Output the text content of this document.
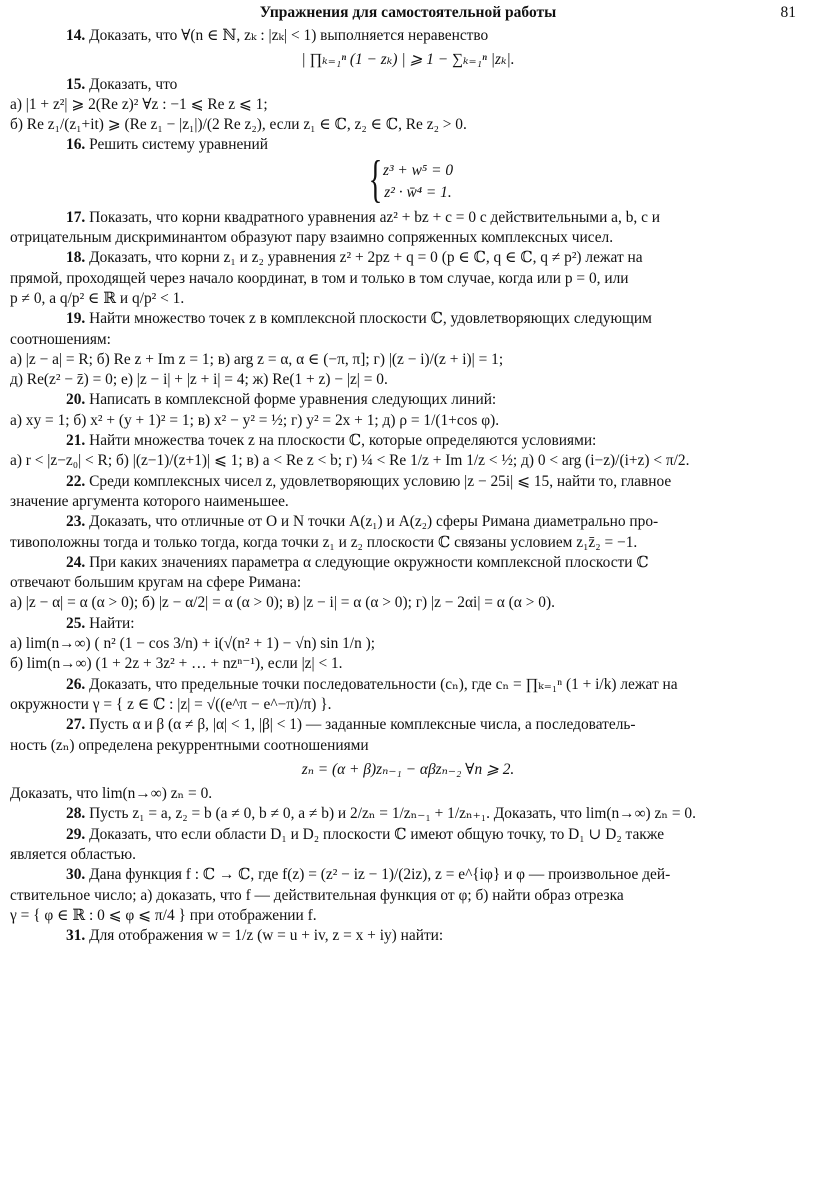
Упражнения для самостоятельной работы	81

14. Доказать, что ∀(n ∈ ℕ, zₖ : |zₖ| < 1) выполняется неравенство

| ∏ₖ₌₁ⁿ (1 − zₖ) | ⩾ 1 − ∑ₖ₌₁ⁿ |zₖ|.

15. Доказать, что

а) |1 + z²| ⩾ 2(Re z)² ∀z : −1 ⩽ Re z ⩽ 1;

б) Re z₁/(z₁+it) ⩾ (Re z₁ − |z₁|)/(2 Re z₂), если z₁ ∈ ℂ, z₂ ∈ ℂ, Re z₂ > 0.

16. Решить систему уравнений

{ z³ + w⁵ = 0
z² · w̄⁴ = 1.

17. Показать, что корни квадратного уравнения az² + bz + c = 0 с действительными a, b, c и

отрицательным дискриминантом образуют пару взаимно сопряженных комплексных чисел.

18. Доказать, что корни z₁ и z₂ уравнения z² + 2pz + q = 0 (p ∈ ℂ, q ∈ ℂ, q ≠ p²) лежат на

прямой, проходящей через начало координат, в том и только в том случае, когда или p = 0, или

p ≠ 0, а q/p² ∈ ℝ и q/p² < 1.

19. Найти множество точек z в комплексной плоскости ℂ, удовлетворяющих следующим

соотношениям:

а) |z − a| = R; б) Re z + Im z = 1; в) arg z = α, α ∈ (−π, π]; г) |(z − i)/(z + i)| = 1;

д) Re(z² − z̄) = 0; е) |z − i| + |z + i| = 4; ж) Re(1 + z) − |z| = 0.

20. Написать в комплексной форме уравнения следующих линий:

а) xy = 1; б) x² + (y + 1)² = 1; в) x² − y² = ½; г) y² = 2x + 1; д) ρ = 1/(1+cos φ).

21. Найти множества точек z на плоскости ℂ, которые определяются условиями:

а) r < |z−z₀| < R; б) |(z−1)/(z+1)| ⩽ 1; в) a < Re z < b; г) ¼ < Re 1/z + Im 1/z < ½; д) 0 < arg (i−z)/(i+z) < π/2.

22. Среди комплексных чисел z, удовлетворяющих условию |z − 25i| ⩽ 15, найти то, главное

значение аргумента которого наименьшее.

23. Доказать, что отличные от O и N точки A(z₁) и A(z₂) сферы Римана диаметрально про-

тивоположны тогда и только тогда, когда точки z₁ и z₂ плоскости ℂ связаны условием z₁z̄₂ = −1.

24. При каких значениях параметра α следующие окружности комплексной плоскости ℂ

отвечают большим кругам на сфере Римана:

а) |z − α| = α (α > 0); б) |z − α/2| = α (α > 0); в) |z − i| = α (α > 0); г) |z − 2αi| = α (α > 0).

25. Найти:

а) lim(n→∞) ( n² (1 − cos 3/n) + i(√(n² + 1) − √n) sin 1/n );

б) lim(n→∞) (1 + 2z + 3z² + … + nzⁿ⁻¹), если |z| < 1.

26. Доказать, что предельные точки последовательности (cₙ), где cₙ = ∏ₖ₌₁ⁿ (1 + i/k) лежат на

окружности γ = { z ∈ ℂ : |z| = √((e^π − e^−π)/π) }.

27. Пусть α и β (α ≠ β, |α| < 1, |β| < 1) — заданные комплексные числа, а последователь-

ность (zₙ) определена рекуррентными соотношениями

zₙ = (α + β)zₙ₋₁ − αβzₙ₋₂ ∀n ⩾ 2.

Доказать, что lim(n→∞) zₙ = 0.

28. Пусть z₁ = a, z₂ = b (a ≠ 0, b ≠ 0, a ≠ b) и 2/zₙ = 1/zₙ₋₁ + 1/zₙ₊₁. Доказать, что lim(n→∞) zₙ = 0.

29. Доказать, что если области D₁ и D₂ плоскости ℂ имеют общую точку, то D₁ ∪ D₂ также

является областью.

30. Дана функция f : ℂ → ℂ, где f(z) = (z² − iz − 1)/(2iz), z = e^{iφ} и φ — произвольное дей-

ствительное число; а) доказать, что f — действительная функция от φ; б) найти образ отрезка

γ = { φ ∈ ℝ : 0 ⩽ φ ⩽ π/4 } при отображении f.

31. Для отображения w = 1/z (w = u + iv, z = x + iy) найти:
